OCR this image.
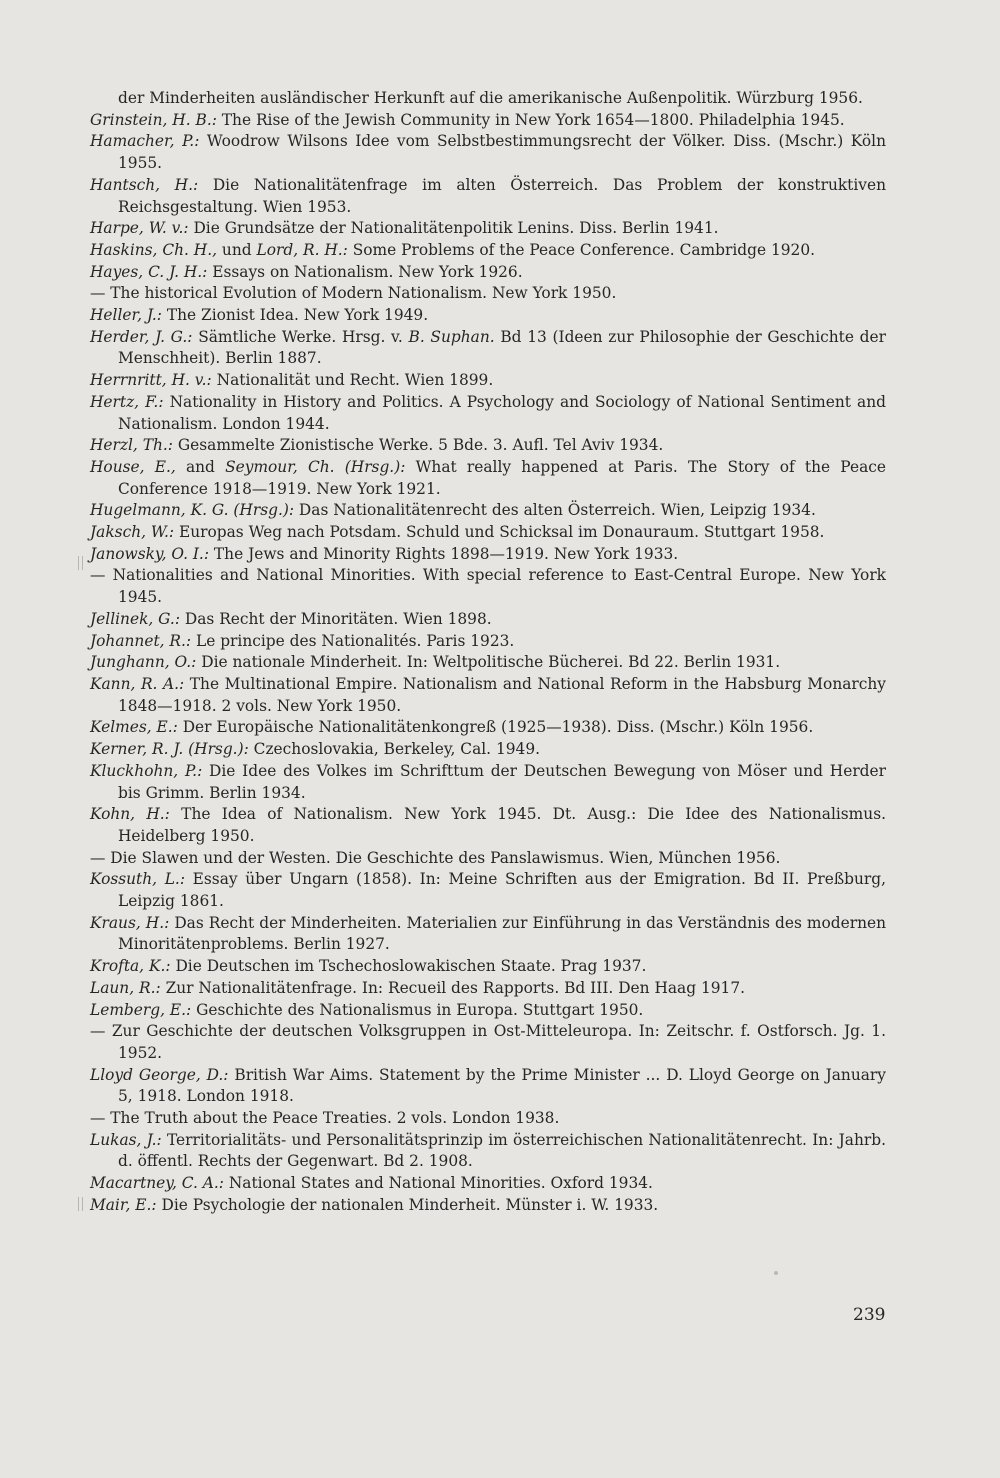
der Minderheiten ausländischer Herkunft auf die amerikanische Außenpolitik. Würzburg 1956.

Grinstein, H. B.: The Rise of the Jewish Community in New York 1654—1800. Philadelphia 1945.

Hamacher, P.: Woodrow Wilsons Idee vom Selbstbestimmungsrecht der Völker. Diss. (Mschr.) Köln 1955.

Hantsch, H.: Die Nationalitätenfrage im alten Österreich. Das Problem der konstruktiven Reichsgestaltung. Wien 1953.

Harpe, W. v.: Die Grundsätze der Nationalitätenpolitik Lenins. Diss. Berlin 1941.

Haskins, Ch. H., und Lord, R. H.: Some Problems of the Peace Conference. Cambridge 1920.

Hayes, C. J. H.: Essays on Nationalism. New York 1926.

— The historical Evolution of Modern Nationalism. New York 1950.

Heller, J.: The Zionist Idea. New York 1949.

Herder, J. G.: Sämtliche Werke. Hrsg. v. B. Suphan. Bd 13 (Ideen zur Philosophie der Geschichte der Menschheit). Berlin 1887.

Herrnritt, H. v.: Nationalität und Recht. Wien 1899.

Hertz, F.: Nationality in History and Politics. A Psychology and Sociology of National Sentiment and Nationalism. London 1944.

Herzl, Th.: Gesammelte Zionistische Werke. 5 Bde. 3. Aufl. Tel Aviv 1934.

House, E., and Seymour, Ch. (Hrsg.): What really happened at Paris. The Story of the Peace Conference 1918—1919. New York 1921.

Hugelmann, K. G. (Hrsg.): Das Nationalitätenrecht des alten Österreich. Wien, Leipzig 1934.

Jaksch, W.: Europas Weg nach Potsdam. Schuld und Schicksal im Donauraum. Stuttgart 1958.

Janowsky, O. I.: The Jews and Minority Rights 1898—1919. New York 1933.

— Nationalities and National Minorities. With special reference to East-Central Europe. New York 1945.

Jellinek, G.: Das Recht der Minoritäten. Wien 1898.

Johannet, R.: Le principe des Nationalités. Paris 1923.

Junghann, O.: Die nationale Minderheit. In: Weltpolitische Bücherei. Bd 22. Berlin 1931.

Kann, R. A.: The Multinational Empire. Nationalism and National Reform in the Habsburg Monarchy 1848—1918. 2 vols. New York 1950.

Kelmes, E.: Der Europäische Nationalitätenkongreß (1925—1938). Diss. (Mschr.) Köln 1956.

Kerner, R. J. (Hrsg.): Czechoslovakia, Berkeley, Cal. 1949.

Kluckhohn, P.: Die Idee des Volkes im Schrifttum der Deutschen Bewegung von Möser und Herder bis Grimm. Berlin 1934.

Kohn, H.: The Idea of Nationalism. New York 1945. Dt. Ausg.: Die Idee des Nationalismus. Heidelberg 1950.

— Die Slawen und der Westen. Die Geschichte des Panslawismus. Wien, München 1956.

Kossuth, L.: Essay über Ungarn (1858). In: Meine Schriften aus der Emigration. Bd II. Preßburg, Leipzig 1861.

Kraus, H.: Das Recht der Minderheiten. Materialien zur Einführung in das Verständnis des modernen Minoritätenproblems. Berlin 1927.

Krofta, K.: Die Deutschen im Tschechoslowakischen Staate. Prag 1937.

Laun, R.: Zur Nationalitätenfrage. In: Recueil des Rapports. Bd III. Den Haag 1917.

Lemberg, E.: Geschichte des Nationalismus in Europa. Stuttgart 1950.

— Zur Geschichte der deutschen Volksgruppen in Ost-Mitteleuropa. In: Zeitschr. f. Ostforsch. Jg. 1. 1952.

Lloyd George, D.: British War Aims. Statement by the Prime Minister ... D. Lloyd George on January 5, 1918. London 1918.

— The Truth about the Peace Treaties. 2 vols. London 1938.

Lukas, J.: Territorialitäts- und Personalitätsprinzip im österreichischen Nationalitätenrecht. In: Jahrb. d. öffentl. Rechts der Gegenwart. Bd 2. 1908.

Macartney, C. A.: National States and National Minorities. Oxford 1934.

Mair, E.: Die Psychologie der nationalen Minderheit. Münster i. W. 1933.

239
